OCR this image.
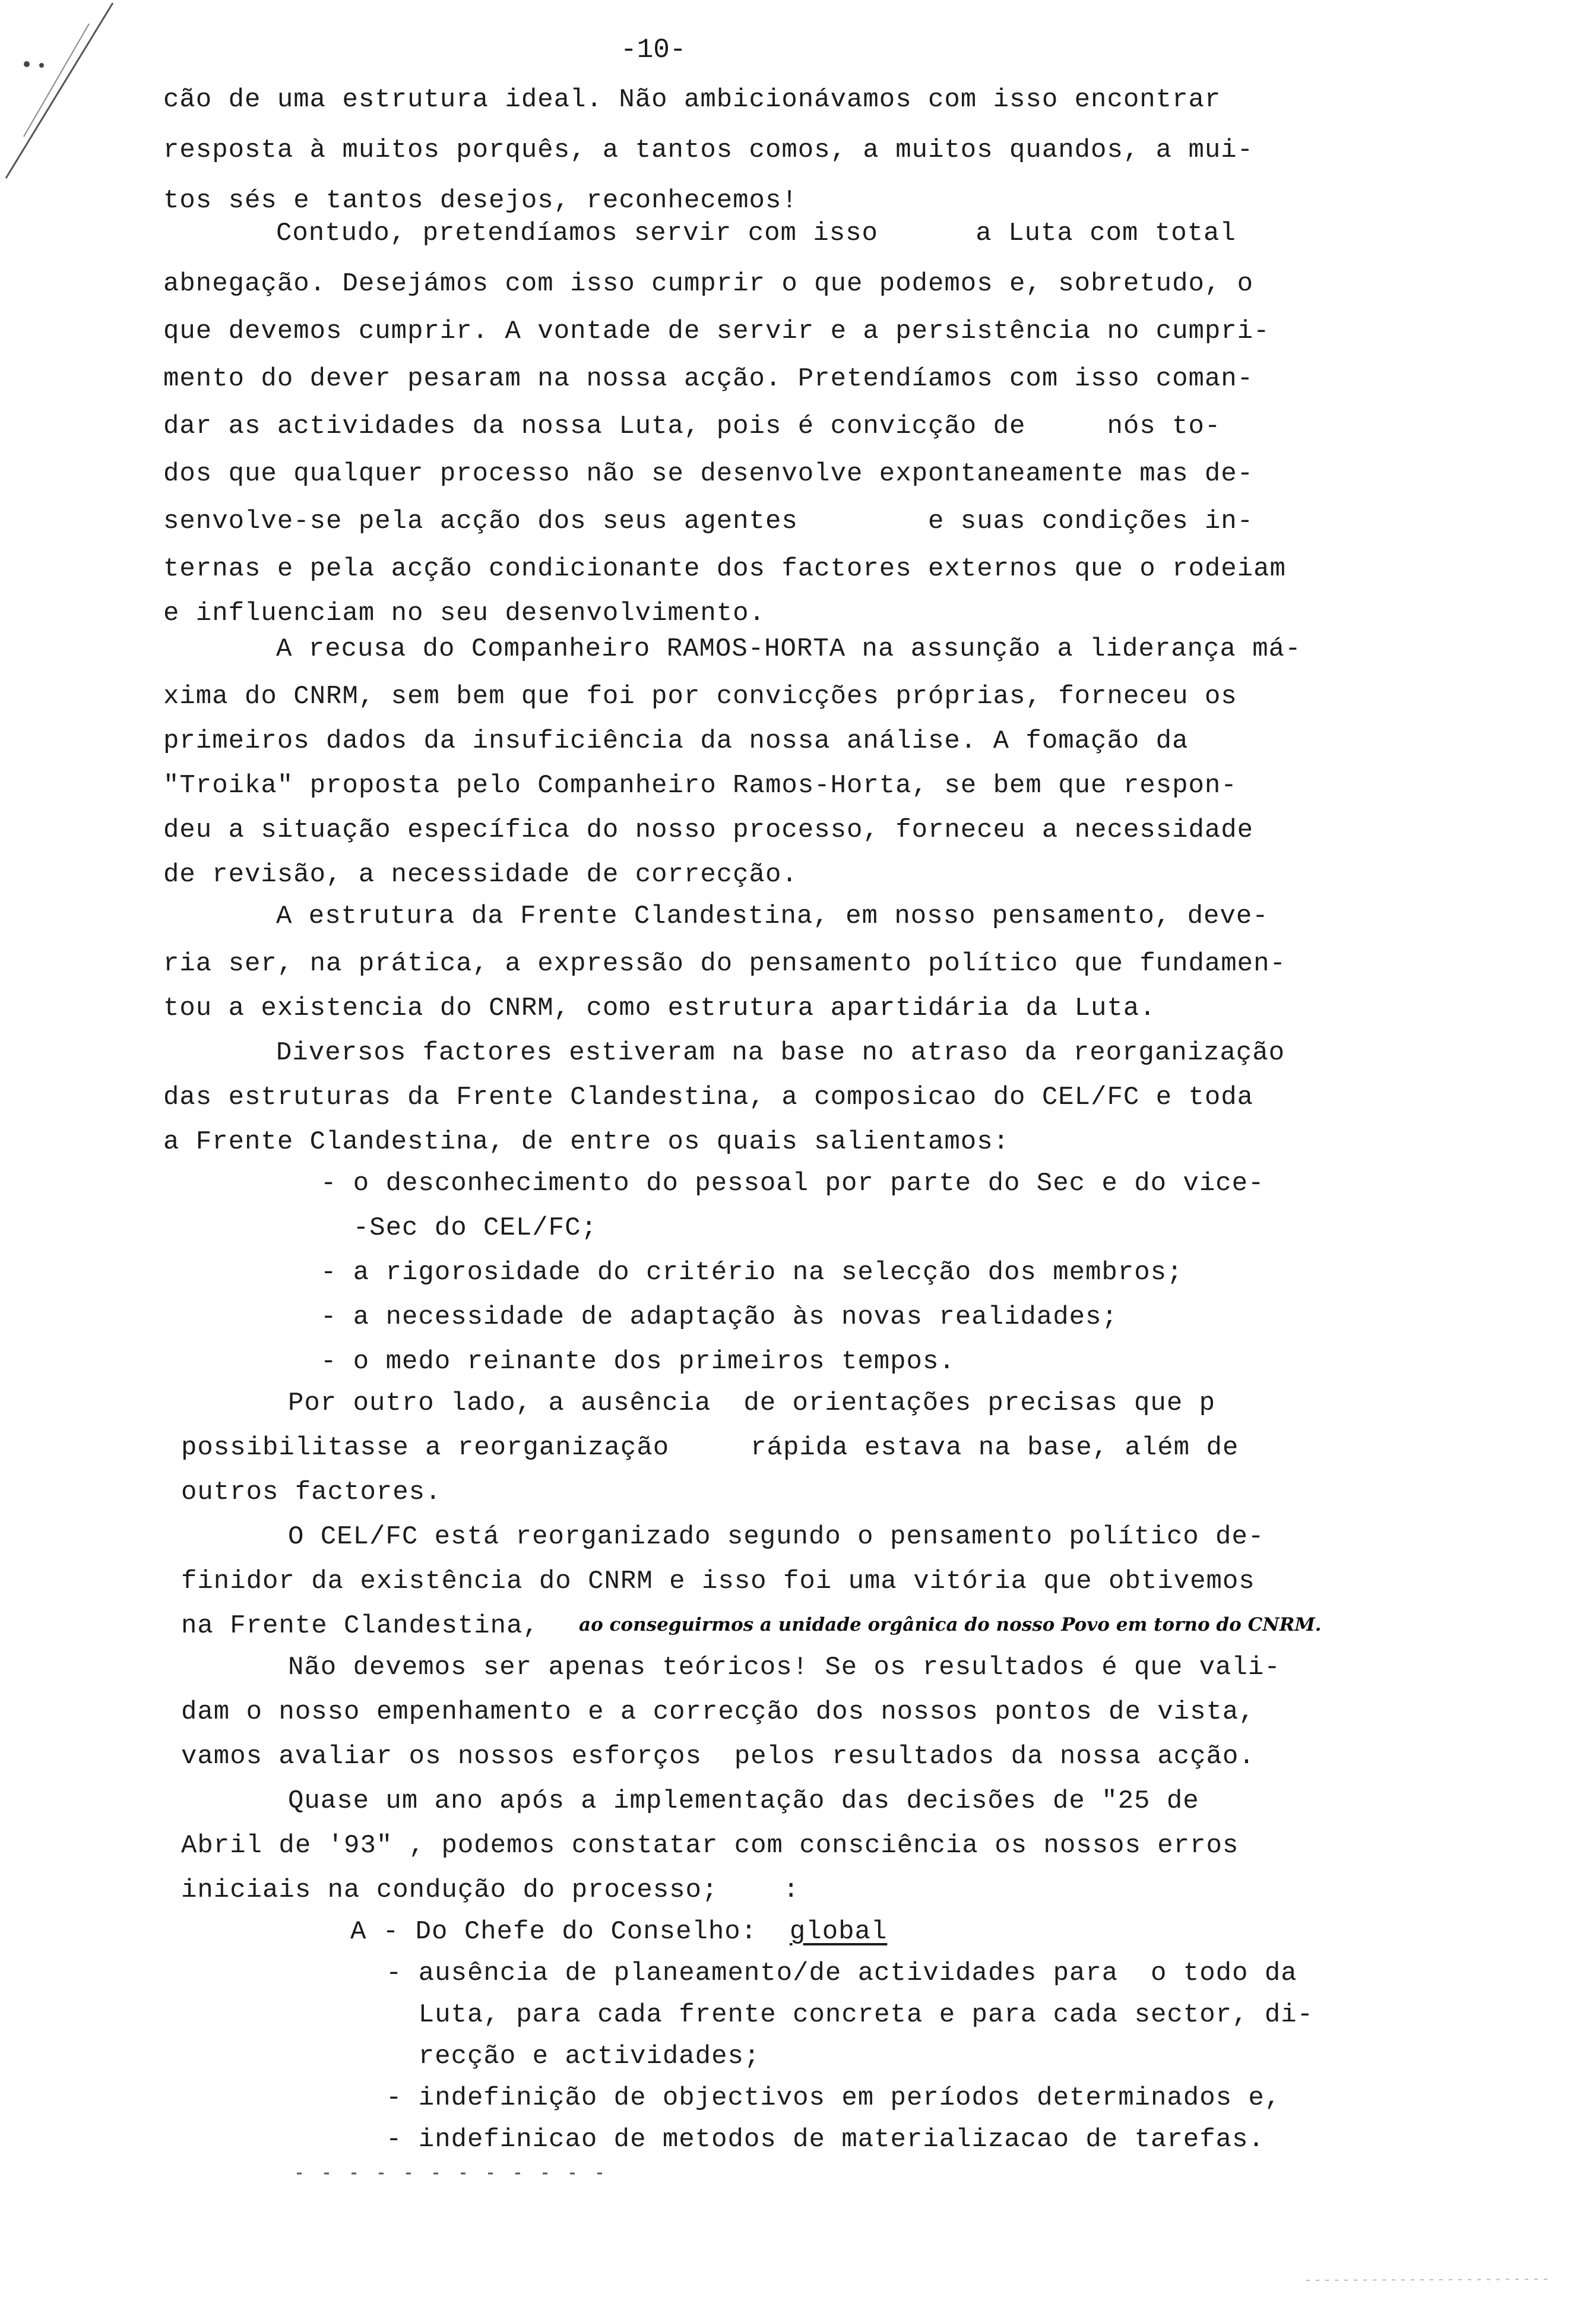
-10-
cão de uma estrutura ideal. Não ambicionávamos com isso encontrar
resposta à muitos porquês, a tantos comos, a muitos quandos, a mui-
tos sés e tantos desejos, reconhecemos!
Contudo, pretendíamos servir com isso      a Luta com total
abnegação. Desejámos com isso cumprir o que podemos e, sobretudo, o
que devemos cumprir. A vontade de servir e a persistência no cumpri-
mento do dever pesaram na nossa acção. Pretendíamos com isso coman-
dar as actividades da nossa Luta, pois é convicção de     nós to-
dos que qualquer processo não se desenvolve expontaneamente mas de-
senvolve-se pela acção dos seus agentes        e suas condições in-
ternas e pela acção condicionante dos factores externos que o rodeiam
e influenciam no seu desenvolvimento.
A recusa do Companheiro RAMOS-HORTA na assunção a liderança má-
xima do CNRM, sem bem que foi por convicções próprias, forneceu os
primeiros dados da insuficiência da nossa análise. A fomação da
"Troika" proposta pelo Companheiro Ramos-Horta, se bem que respon-
deu a situação específica do nosso processo, forneceu a necessidade
de revisão, a necessidade de correcção.
A estrutura da Frente Clandestina, em nosso pensamento, deve-
ria ser, na prática, a expressão do pensamento político que fundamen-
tou a existencia do CNRM, como estrutura apartidária da Luta.
Diversos factores estiveram na base no atraso da reorganização
das estruturas da Frente Clandestina, a composicao do CEL/FC e toda
a Frente Clandestina, de entre os quais salientamos:
- o desconhecimento do pessoal por parte do Sec e do vice-
-Sec do CEL/FC;
- a rigorosidade do critério na selecção dos membros;
- a necessidade de adaptação às novas realidades;
- o medo reinante dos primeiros tempos.
Por outro lado, a ausência  de orientações precisas que p
possibilitasse a reorganização     rápida estava na base, além de
outros factores.
O CEL/FC está reorganizado segundo o pensamento político de-
finidor da existência do CNRM e isso foi uma vitória que obtivemos
na Frente Clandestina, ao conseguirmos a unidade orgânica do nosso Povo em torno do CNRM.
Não devemos ser apenas teóricos! Se os resultados é que vali-
dam o nosso empenhamento e a correcção dos nossos pontos de vista,
vamos avaliar os nossos esforços  pelos resultados da nossa acção.
Quase um ano após a implementação das decisões de "25 de
Abril de '93" , podemos constatar com consciência os nossos erros
iniciais na condução do processo;    :
A - Do Chefe do Conselho: global
- ausência de planeamento/de actividades para  o todo da
Luta, para cada frente concreta e para cada sector, di-
recção e actividades;
- indefinição de objectivos em períodos determinados e,
- indefinicao de metodos de materializacao de tarefas.
